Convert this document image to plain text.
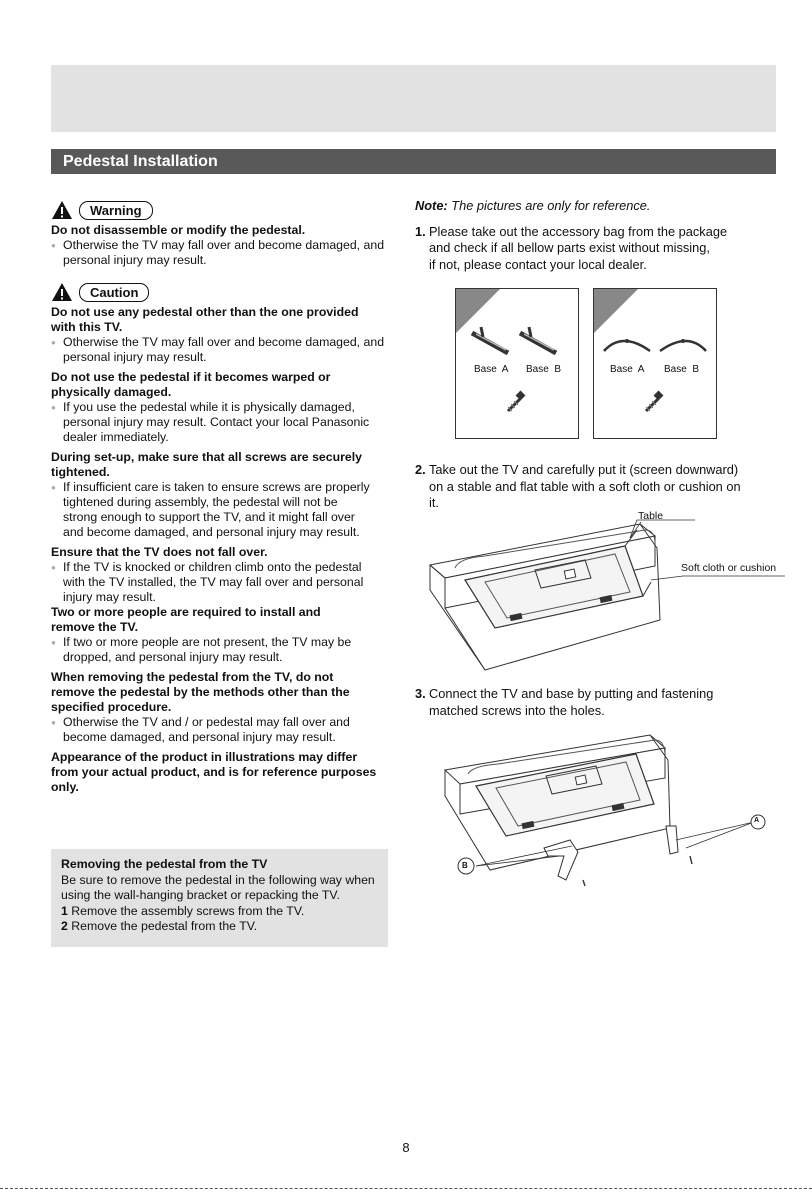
Pedestal Installation
Warning
Do not disassemble or modify the pedestal.
● Otherwise the TV may fall over and become damaged, and
personal injury may result.
Caution
Do not use any pedestal other than the one provided
with this TV.
● Otherwise the TV may fall over and become damaged, and
personal injury may result.
Do not use the pedestal if it becomes warped or
physically damaged.
● If you use the pedestal while it is physically damaged,
personal injury may result. Contact your local Panasonic
dealer immediately.
During set-up, make sure that all screws are securely
tightened.
● If insufficient care is taken to ensure screws are properly
tightened during assembly, the pedestal will not be
strong enough to support the TV, and it might fall over
and become damaged, and personal injury may result.
Ensure that the TV does not fall over.
● If the TV is knocked or children climb onto the pedestal
with the TV installed, the TV may fall over and personal
injury may result.
Two or more people are required to install and
remove the TV.
● If two or more people are not present, the TV may be
dropped, and personal injury may result.
When removing the pedestal from the TV, do not
remove the pedestal by the methods other than the
specified procedure.
● Otherwise the TV and / or pedestal may fall over and
become damaged, and personal injury may result.
Appearance of the product in illustrations may differ
from your actual product, and is for reference purposes
only.
Removing the pedestal from the TV
Be sure to remove the pedestal in the following way when
using the wall-hanging bracket or repacking the TV.
1 Remove the assembly screws from the TV.
2 Remove the pedestal from the TV.
Note: The pictures are only for reference.
1. Please take out the accessory bag from the package
and check if all bellow parts exist without missing,
if not, please contact your local dealer.
2. Take out the TV and carefully put it (screen downward)
on a stable and flat table with a soft cloth or cushion on
it.
3. Connect the TV and base by putting and fastening
matched screws into the holes.
Base  A Base  B	Base  A Base  B
Table
Soft cloth or cushion
A
B
8
